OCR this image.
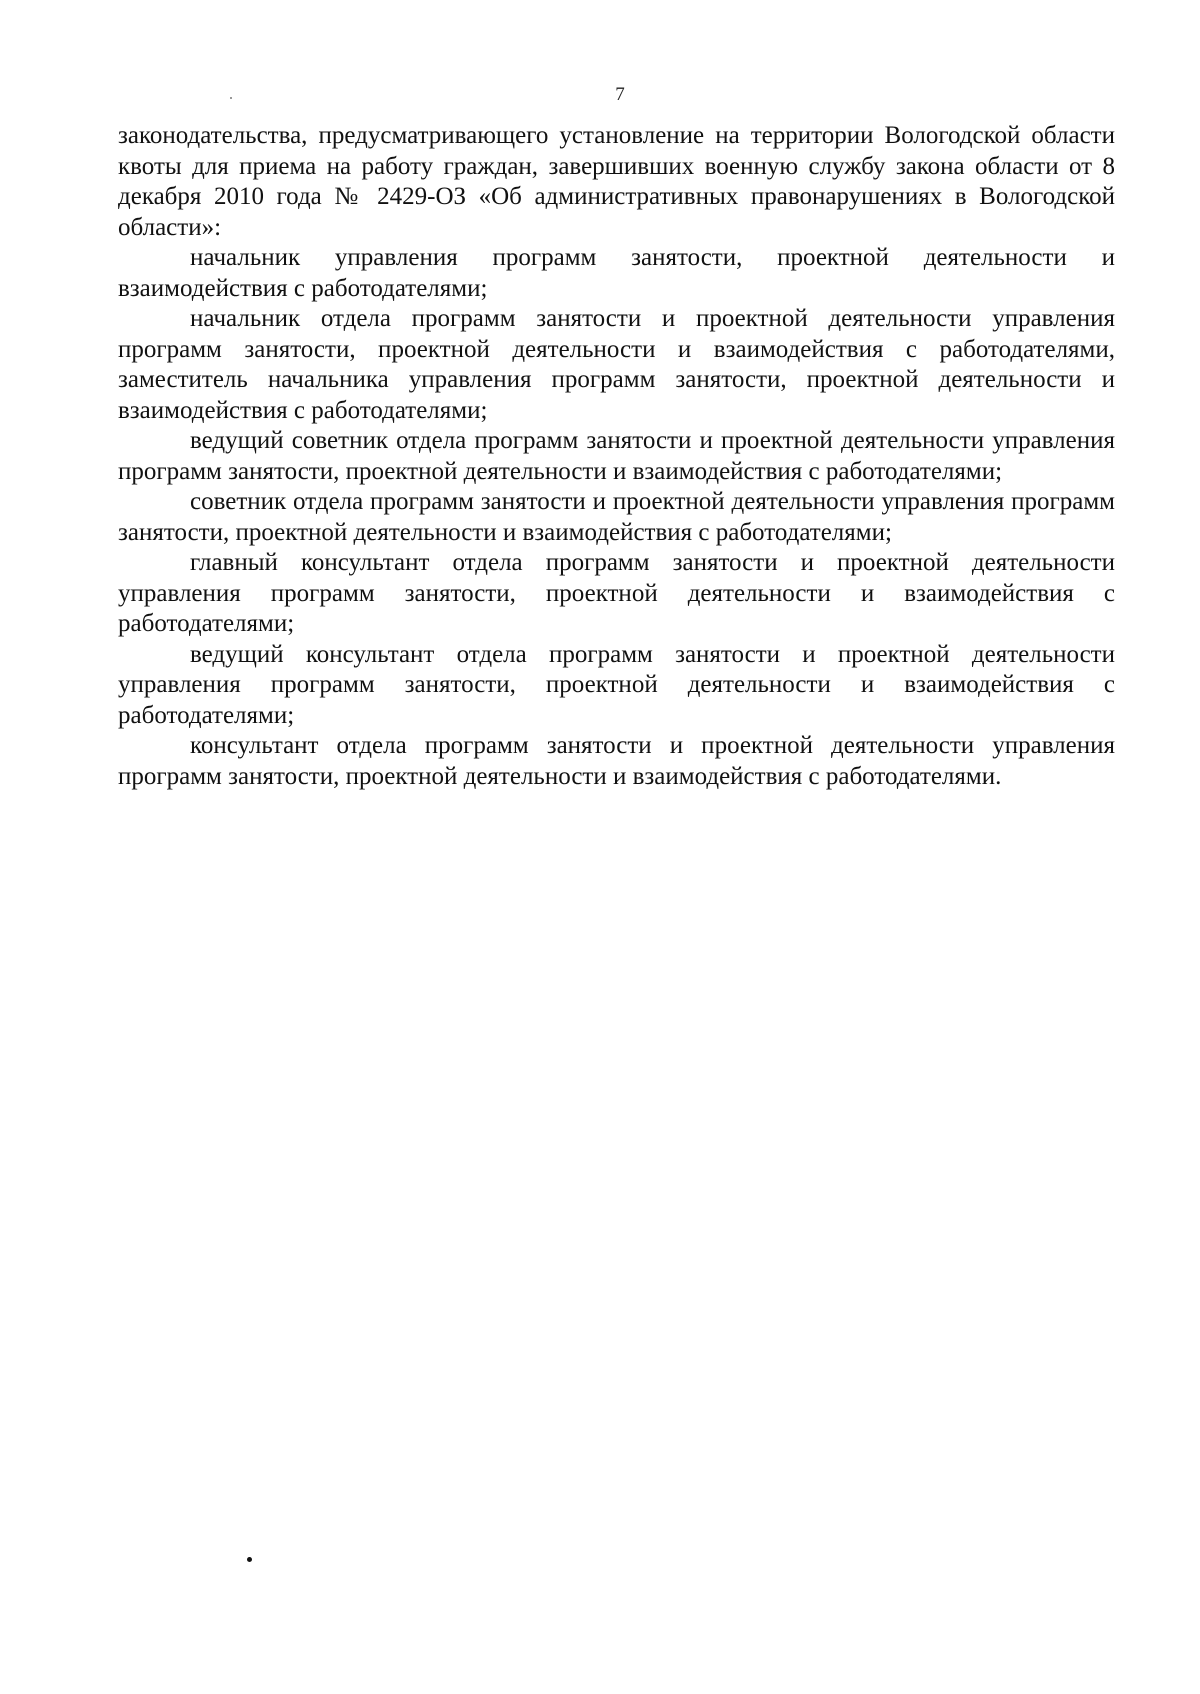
7

законодательства, предусматривающего установление на территории Вологодской области квоты для приема на работу граждан, завершивших военную службу закона области от 8 декабря 2010 года № 2429-ОЗ «Об административных правонарушениях в Вологодской области»:

начальник управления программ занятости, проектной деятельности и взаимодействия с работодателями;

начальник отдела программ занятости и проектной деятельности управления программ занятости, проектной деятельности и взаимодействия с работодателями, заместитель начальника управления программ занятости, проектной деятельности и взаимодействия с работодателями;

ведущий советник отдела программ занятости и проектной деятельности управления программ занятости, проектной деятельности и взаимодействия с работодателями;

советник отдела программ занятости и проектной деятельности управления программ занятости, проектной деятельности и взаимодействия с работодателями;

главный консультант отдела программ занятости и проектной деятельности управления программ занятости, проектной деятельности и взаимодействия с работодателями;

ведущий консультант отдела программ занятости и проектной деятельности управления программ занятости, проектной деятельности и взаимодействия с работодателями;

консультант отдела программ занятости и проектной деятельности управления программ занятости, проектной деятельности и взаимодействия с работодателями.
